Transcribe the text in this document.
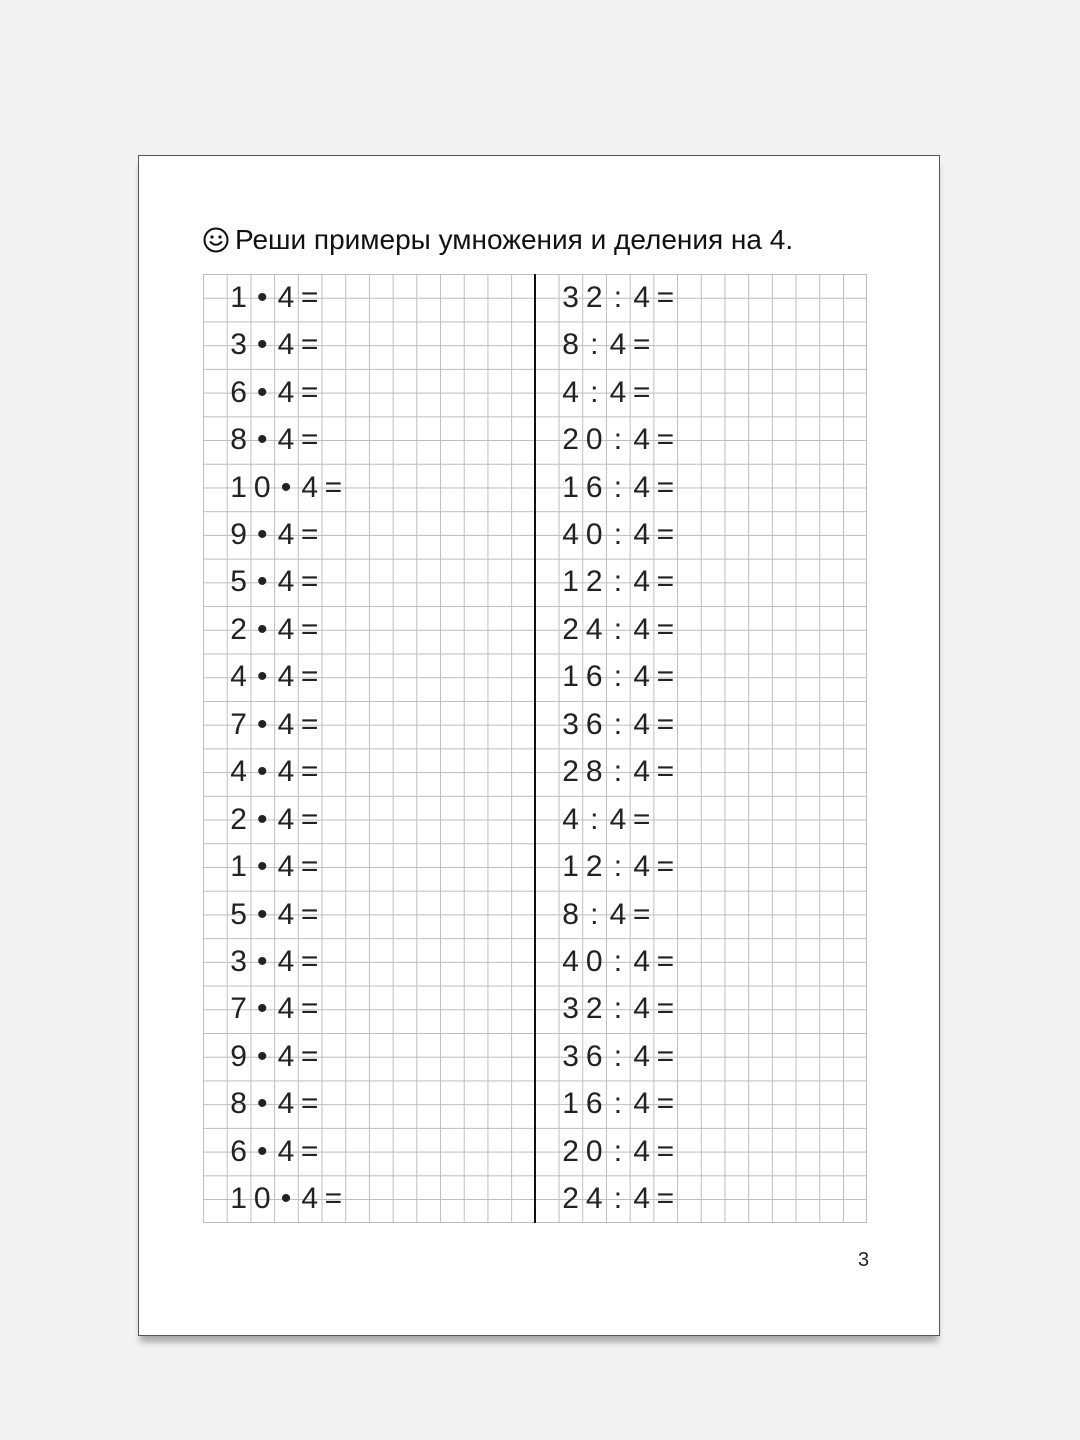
Реши примеры умножения и деления на 4.
1 • 4 =
3 • 4 =
6 • 4 =
8 • 4 =
1 0 • 4 =
9 • 4 =
5 • 4 =
2 • 4 =
4 • 4 =
7 • 4 =
4 • 4 =
2 • 4 =
1 • 4 =
5 • 4 =
3 • 4 =
7 • 4 =
9 • 4 =
8 • 4 =
6 • 4 =
1 0 • 4 =
3 2 : 4 =
8 : 4 =
4 : 4 =
2 0 : 4 =
1 6 : 4 =
4 0 : 4 =
1 2 : 4 =
2 4 : 4 =
1 6 : 4 =
3 6 : 4 =
2 8 : 4 =
4 : 4 =
1 2 : 4 =
8 : 4 =
4 0 : 4 =
3 2 : 4 =
3 6 : 4 =
1 6 : 4 =
2 0 : 4 =
2 4 : 4 =
3
